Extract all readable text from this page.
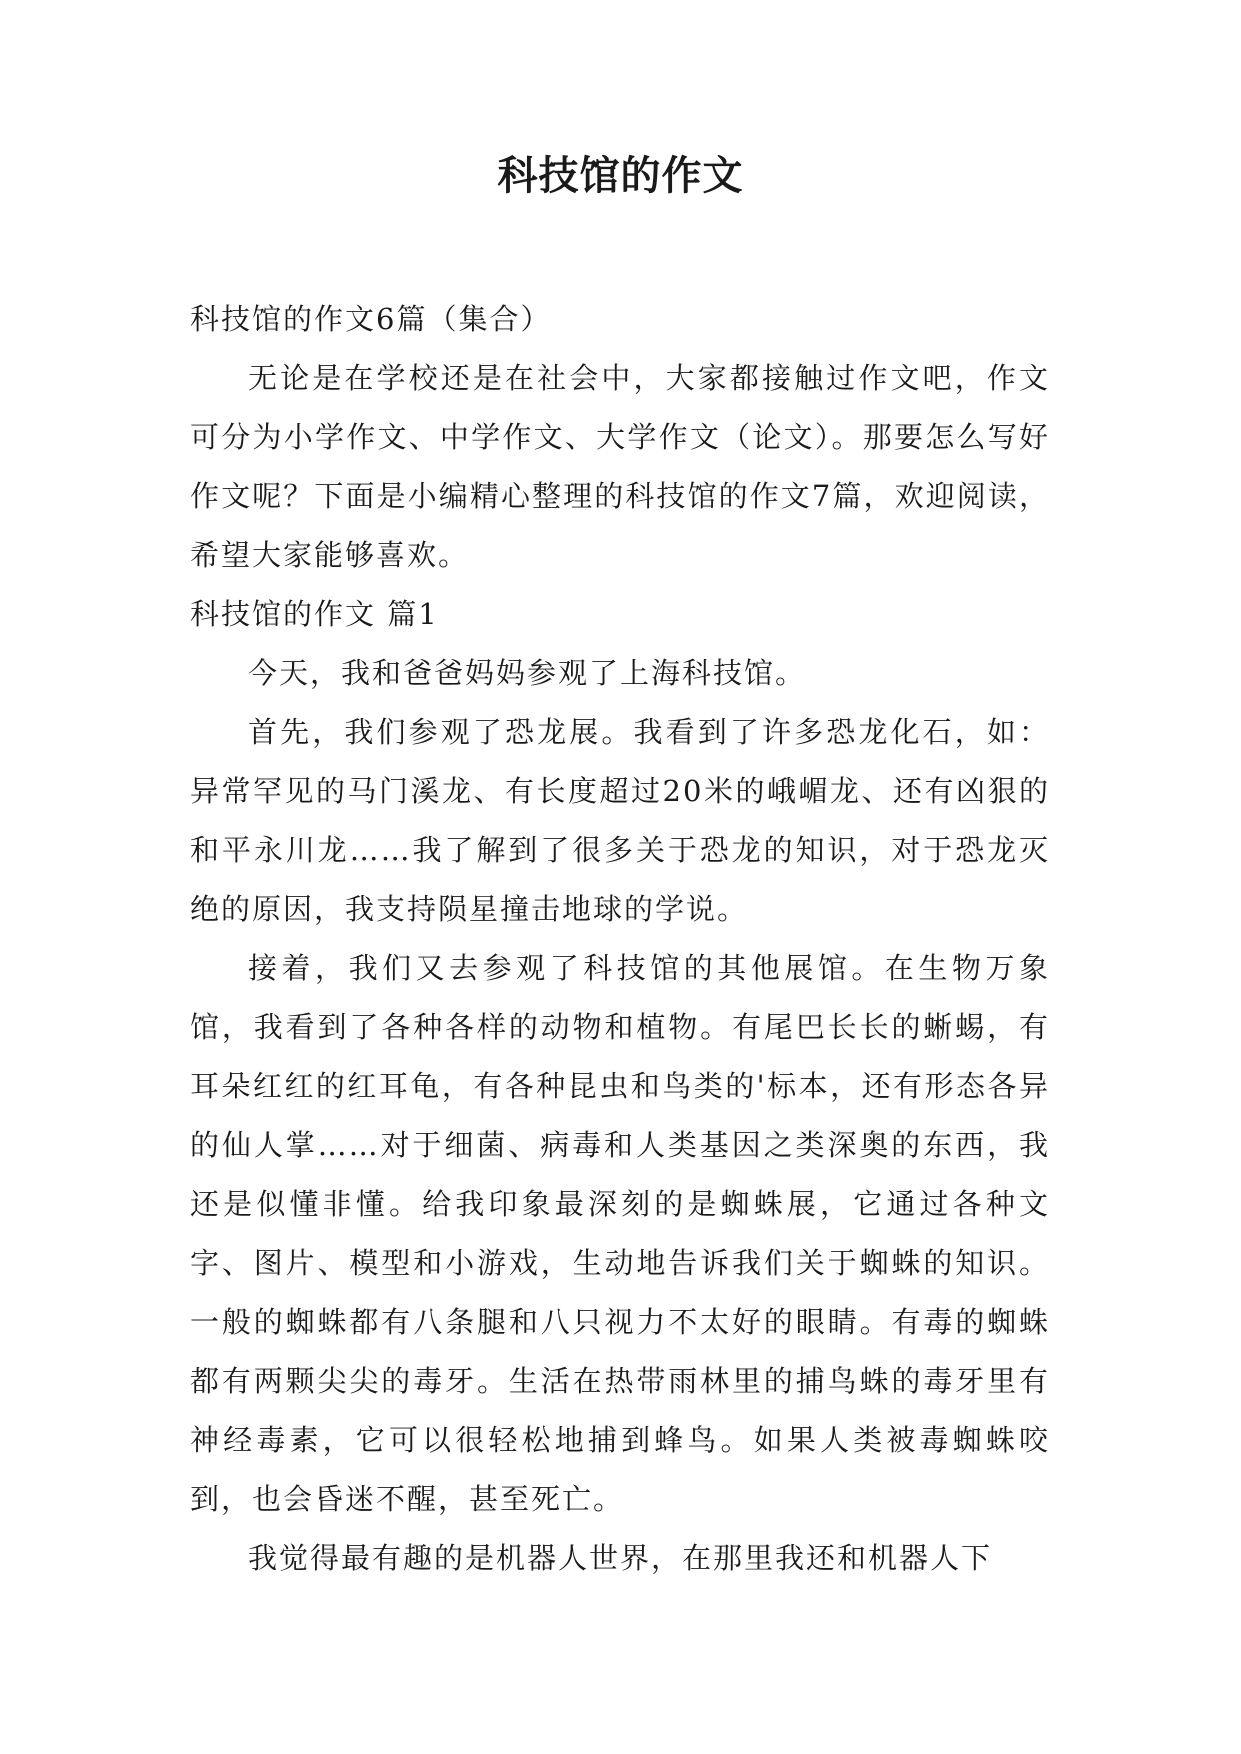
科技馆的作文

科技馆的作文6篇（集合）

无论是在学校还是在社会中，大家都接触过作文吧，作文可分为小学作文、中学作文、大学作文（论文）。那要怎么写好作文呢？下面是小编精心整理的科技馆的作文7篇，欢迎阅读，希望大家能够喜欢。

科技馆的作文 篇1

今天，我和爸爸妈妈参观了上海科技馆。

首先，我们参观了恐龙展。我看到了许多恐龙化石，如：异常罕见的马门溪龙、有长度超过20米的峨嵋龙、还有凶狠的和平永川龙……我了解到了很多关于恐龙的知识，对于恐龙灭绝的原因，我支持陨星撞击地球的学说。

接着，我们又去参观了科技馆的其他展馆。在生物万象馆，我看到了各种各样的动物和植物。有尾巴长长的蜥蜴，有耳朵红红的红耳龟，有各种昆虫和鸟类的'标本，还有形态各异的仙人掌……对于细菌、病毒和人类基因之类深奥的东西，我还是似懂非懂。给我印象最深刻的是蜘蛛展，它通过各种文字、图片、模型和小游戏，生动地告诉我们关于蜘蛛的知识。一般的蜘蛛都有八条腿和八只视力不太好的眼睛。有毒的蜘蛛都有两颗尖尖的毒牙。生活在热带雨林里的捕鸟蛛的毒牙里有神经毒素，它可以很轻松地捕到蜂鸟。如果人类被毒蜘蛛咬到，也会昏迷不醒，甚至死亡。

我觉得最有趣的是机器人世界，在那里我还和机器人下
